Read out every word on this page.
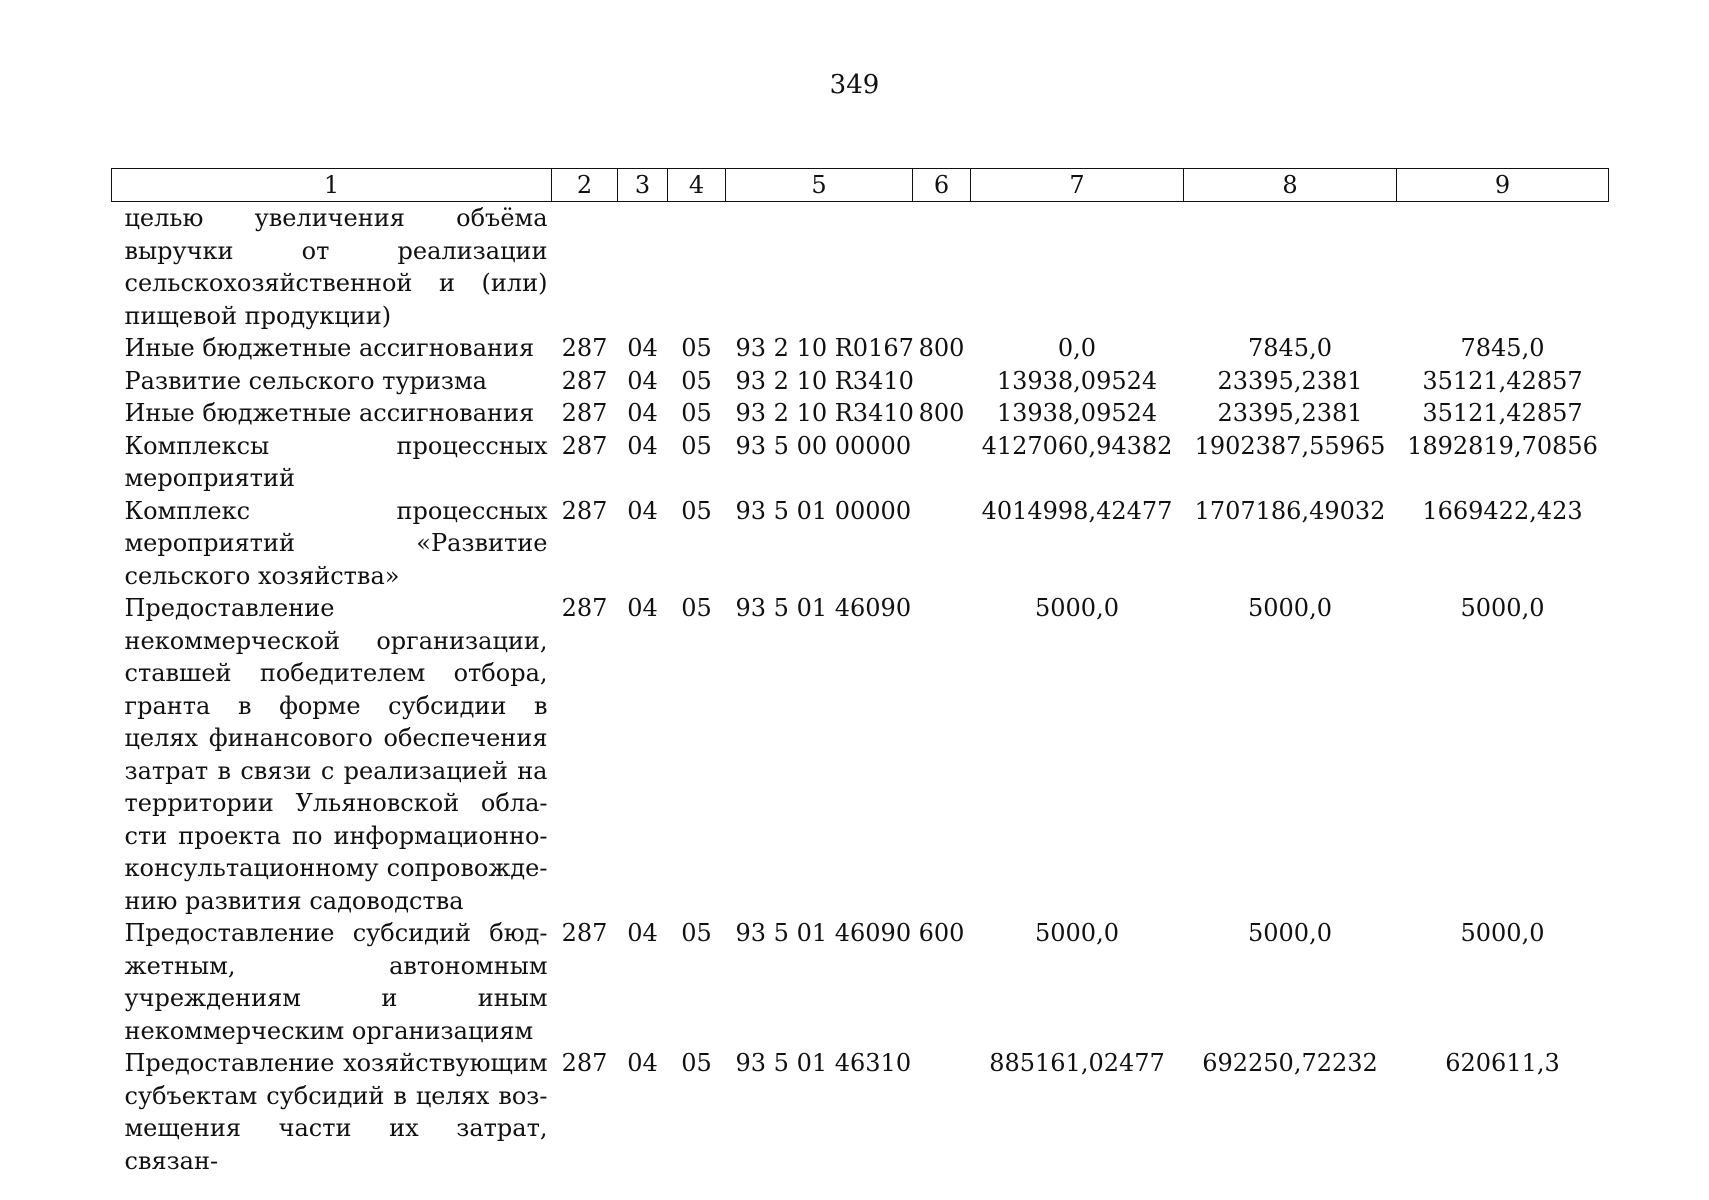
349
1	2	3	4	5	6	7	8	9
целью увеличения объёма выручки от реализации сельскохозяйственной и (или) пищевой продукции)								
Иные бюджетные ассигнования	287	04	05	93 2 10 R0167	800	0,0	7845,0	7845,0
Развитие сельского туризма	287	04	05	93 2 10 R3410		13938,09524	23395,2381	35121,42857
Иные бюджетные ассигнования	287	04	05	93 2 10 R3410	800	13938,09524	23395,2381	35121,42857
Комплексы процессных мероприятий	287	04	05	93 5 00 00000		4127060,94382	1902387,55965	1892819,70856
Комплекс процессных мероприятий «Развитие сельского хозяйства»	287	04	05	93 5 01 00000		4014998,42477	1707186,49032	1669422,423
Предоставление некоммерческой организации, ставшей победителем отбора, гранта в форме субсидии в целях финансового обеспечения затрат в связи с реализацией на территории Ульяновской области проекта по информационно-консультационному сопровождению развития садоводства	287	04	05	93 5 01 46090		5000,0	5000,0	5000,0
Предоставление субсидий бюджетным, автономным учреждениям и иным некоммерческим организациям	287	04	05	93 5 01 46090	600	5000,0	5000,0	5000,0
Предоставление хозяйствующим субъектам субсидий в целях возмещения части их затрат, связан-	287	04	05	93 5 01 46310		885161,02477	692250,72232	620611,3
